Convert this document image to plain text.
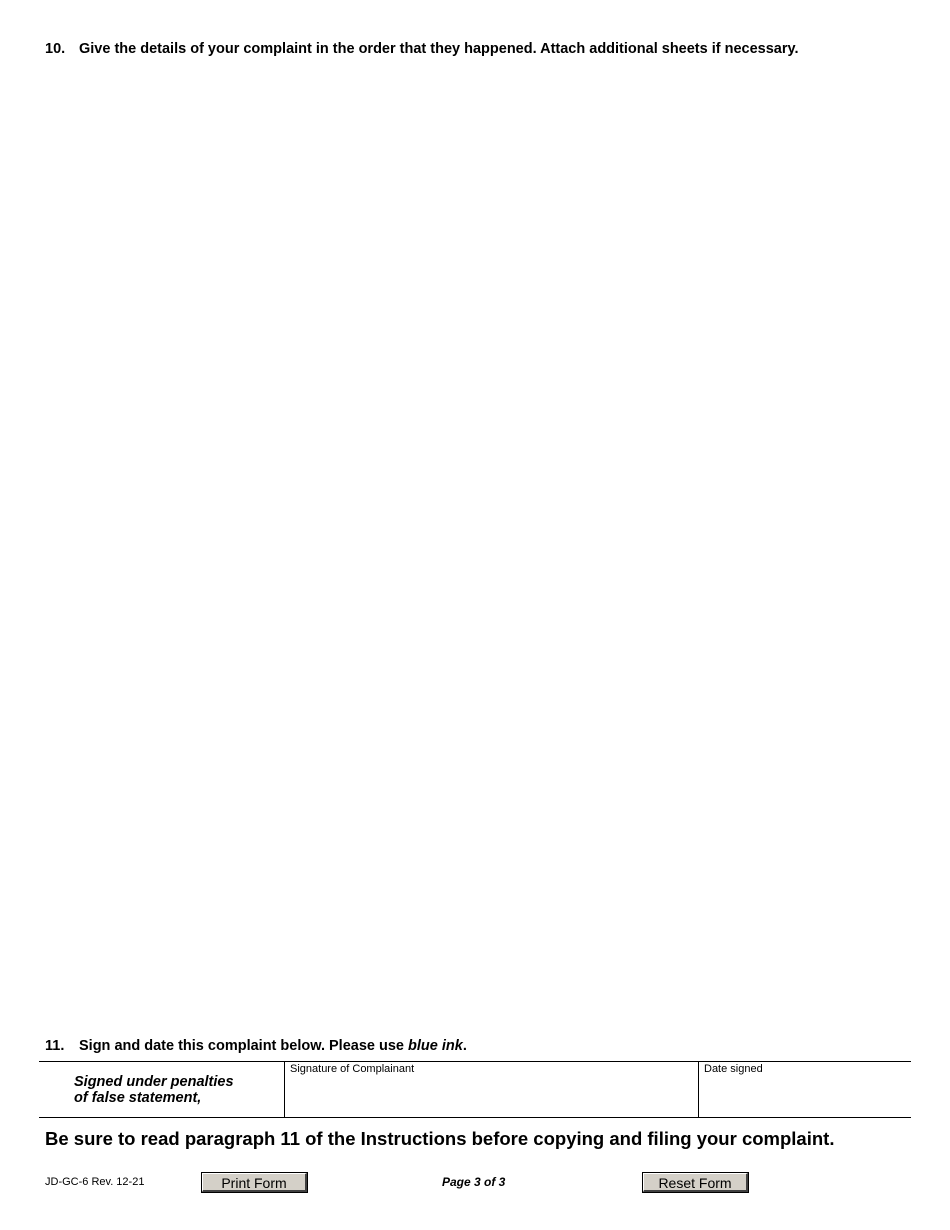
10. Give the details of your complaint in the order that they happened. Attach additional sheets if necessary.
11. Sign and date this complaint below. Please use blue ink.
Signed under penalties
of false statement,
Signature of Complainant	Date signed
Be sure to read paragraph 11 of the Instructions before copying and filing your complaint.
JD-GC-6 Rev. 12-21	Print Form	Page 3 of 3	Reset Form
